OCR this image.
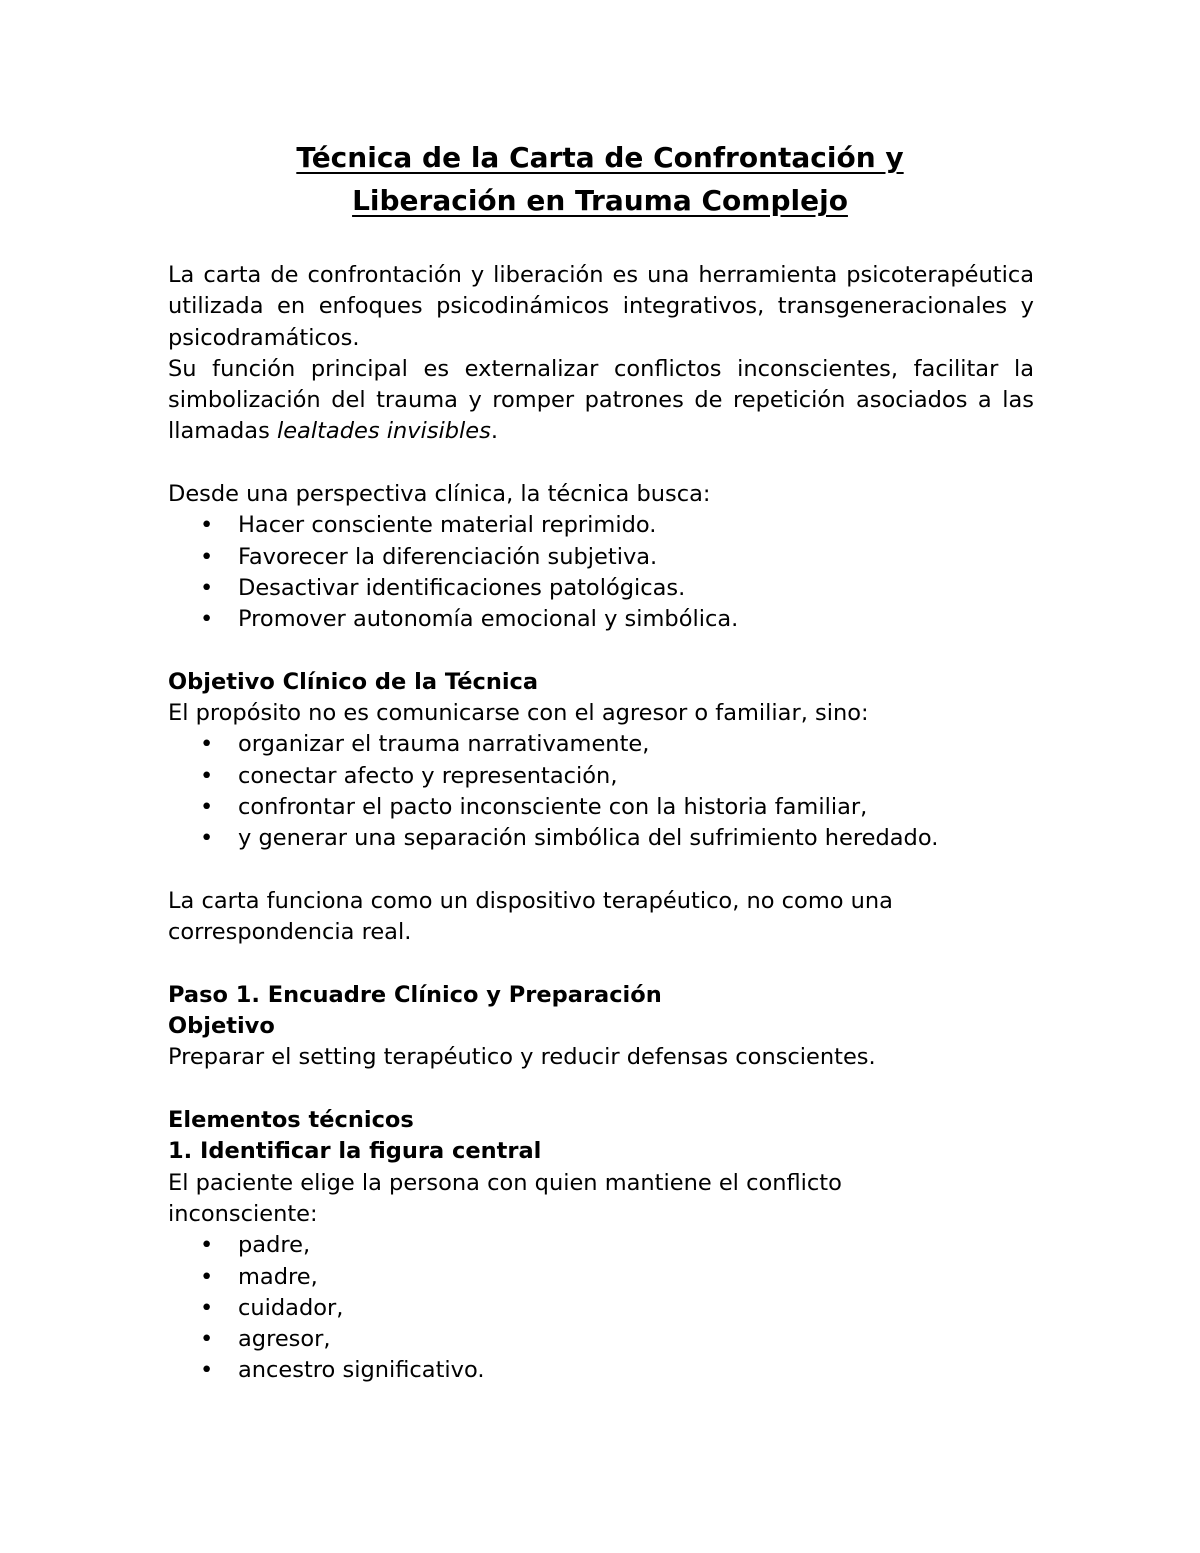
Técnica de la Carta de Confrontación y
Liberación en Trauma Complejo

La carta de confrontación y liberación es una herramienta psicoterapéutica utilizada en enfoques psicodinámicos integrativos, transgeneracionales y psicodramáticos.

Su función principal es externalizar conflictos inconscientes, facilitar la simbolización del trauma y romper patrones de repetición asociados a las llamadas lealtades invisibles.

Desde una perspectiva clínica, la técnica busca:

• Hacer consciente material reprimido.
• Favorecer la diferenciación subjetiva.
• Desactivar identificaciones patológicas.
• Promover autonomía emocional y simbólica.

Objetivo Clínico de la Técnica

El propósito no es comunicarse con el agresor o familiar, sino:

• organizar el trauma narrativamente,
• conectar afecto y representación,
• confrontar el pacto inconsciente con la historia familiar,
• y generar una separación simbólica del sufrimiento heredado.

La carta funciona como un dispositivo terapéutico, no como una correspondencia real.

Paso 1. Encuadre Clínico y Preparación

Objetivo

Preparar el setting terapéutico y reducir defensas conscientes.

Elementos técnicos

1. Identificar la figura central

El paciente elige la persona con quien mantiene el conflicto inconsciente:

• padre,
• madre,
• cuidador,
• agresor,
• ancestro significativo.
